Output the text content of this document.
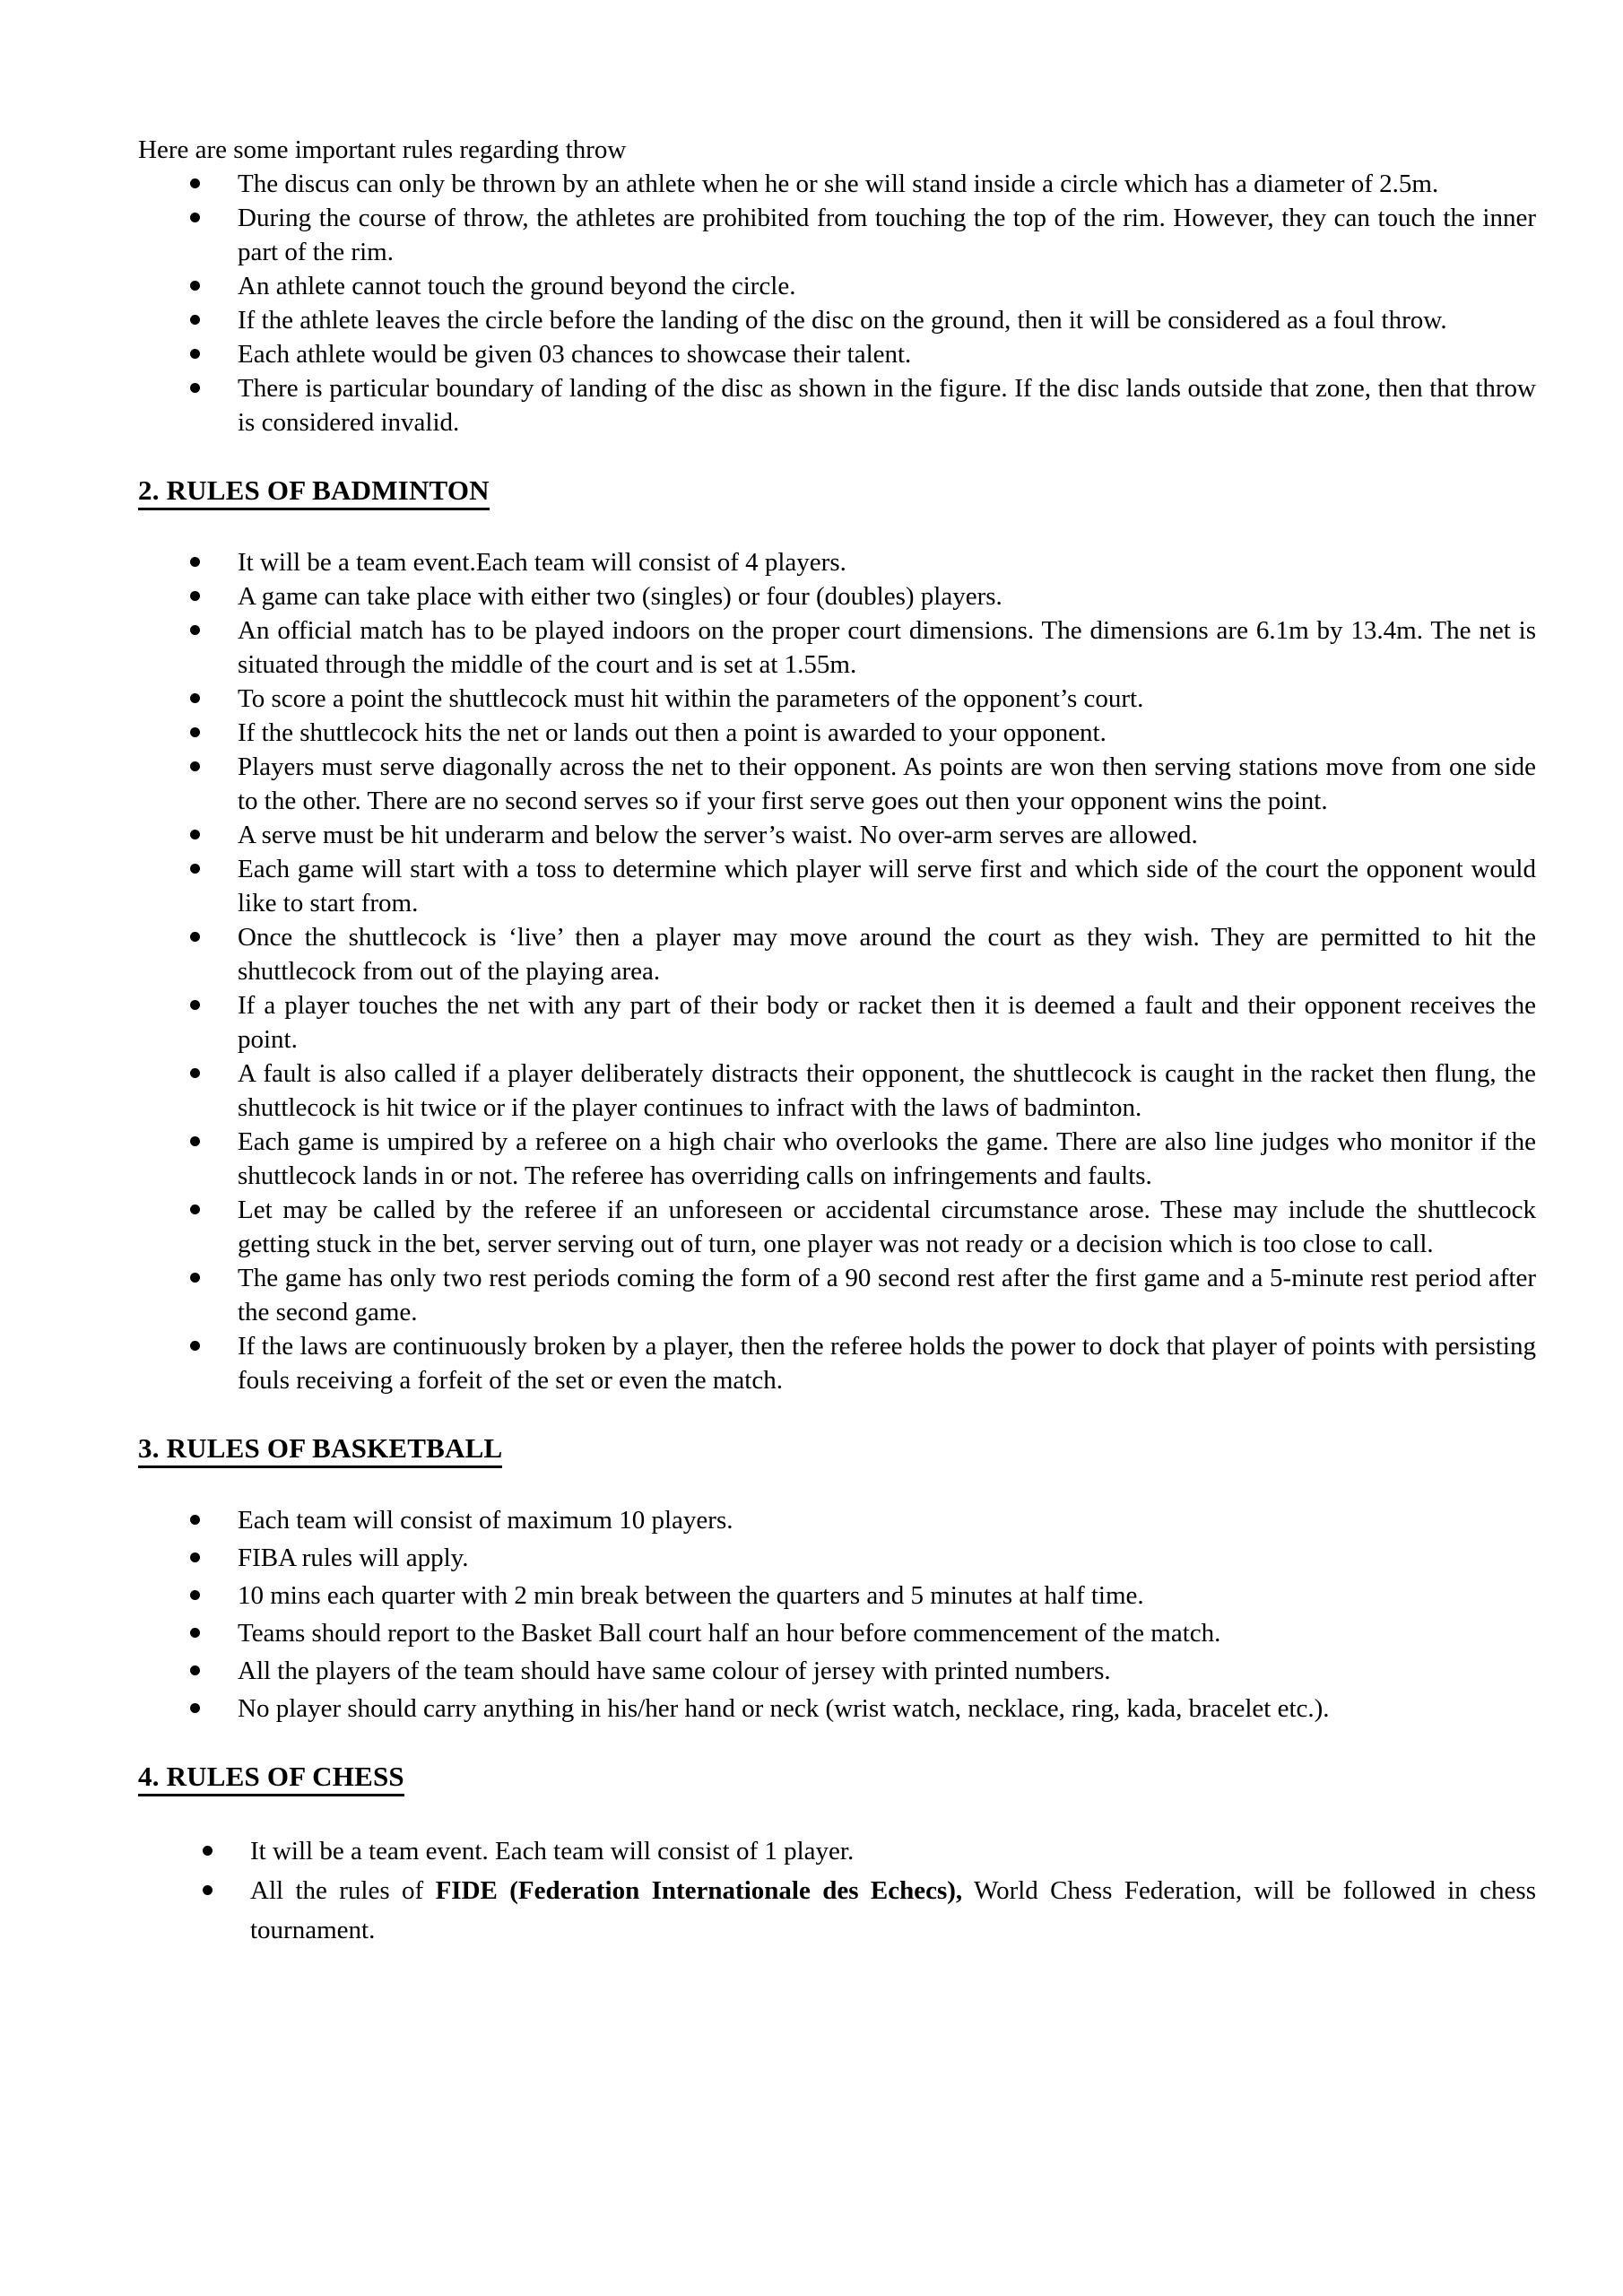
Here are some important rules regarding throw

The discus can only be thrown by an athlete when he or she will stand inside a circle which has a diameter of 2.5m.
During the course of throw, the athletes are prohibited from touching the top of the rim. However, they can touch the inner part of the rim.
An athlete cannot touch the ground beyond the circle.
If the athlete leaves the circle before the landing of the disc on the ground, then it will be considered as a foul throw.
Each athlete would be given 03 chances to showcase their talent.
There is particular boundary of landing of the disc as shown in the figure. If the disc lands outside that zone, then that throw is considered invalid.
2. RULES OF BADMINTON
It will be a team event.Each team will consist of 4 players.
A game can take place with either two (singles) or four (doubles) players.
An official match has to be played indoors on the proper court dimensions. The dimensions are 6.1m by 13.4m. The net is situated through the middle of the court and is set at 1.55m.
To score a point the shuttlecock must hit within the parameters of the opponent’s court.
If the shuttlecock hits the net or lands out then a point is awarded to your opponent.
Players must serve diagonally across the net to their opponent. As points are won then serving stations move from one side to the other. There are no second serves so if your first serve goes out then your opponent wins the point.
A serve must be hit underarm and below the server’s waist. No over-arm serves are allowed.
Each game will start with a toss to determine which player will serve first and which side of the court the opponent would like to start from.
Once the shuttlecock is ‘live’ then a player may move around the court as they wish. They are permitted to hit the shuttlecock from out of the playing area.
If a player touches the net with any part of their body or racket then it is deemed a fault and their opponent receives the point.
A fault is also called if a player deliberately distracts their opponent, the shuttlecock is caught in the racket then flung, the shuttlecock is hit twice or if the player continues to infract with the laws of badminton.
Each game is umpired by a referee on a high chair who overlooks the game. There are also line judges who monitor if the shuttlecock lands in or not. The referee has overriding calls on infringements and faults.
Let may be called by the referee if an unforeseen or accidental circumstance arose. These may include the shuttlecock getting stuck in the bet, server serving out of turn, one player was not ready or a decision which is too close to call.
The game has only two rest periods coming the form of a 90 second rest after the first game and a 5-minute rest period after the second game.
If the laws are continuously broken by a player, then the referee holds the power to dock that player of points with persisting fouls receiving a forfeit of the set or even the match.
3. RULES OF BASKETBALL
Each team will consist of maximum 10 players.
FIBA rules will apply.
10 mins each quarter with 2 min break between the quarters and 5 minutes at half time.
Teams should report to the Basket Ball court half an hour before commencement of the match.
All the players of the team should have same colour of jersey with printed numbers.
No player should carry anything in his/her hand or neck (wrist watch, necklace, ring, kada, bracelet etc.).
4. RULES OF CHESS
It will be a team event. Each team will consist of 1 player.
All the rules of FIDE (Federation Internationale des Echecs), World Chess Federation, will be followed in chess tournament.
